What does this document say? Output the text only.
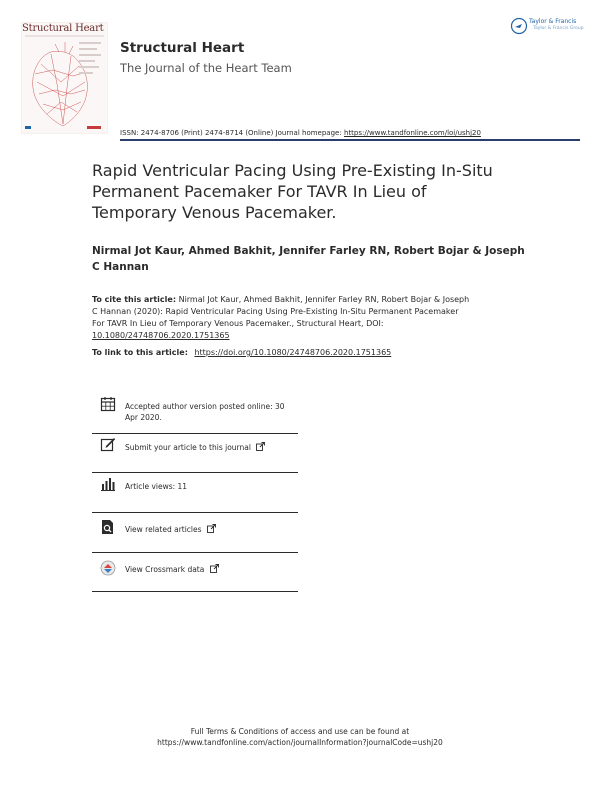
Structural Heart
Structural Heart
The Journal of the Heart Team
Taylor & Francis
Taylor & Francis Group
ISSN: 2474-8706 (Print) 2474-8714 (Online) Journal homepage: https://www.tandfonline.com/loi/ushj20
Rapid Ventricular Pacing Using Pre-Existing In-Situ Permanent Pacemaker For TAVR In Lieu of Temporary Venous Pacemaker.
Nirmal Jot Kaur, Ahmed Bakhit, Jennifer Farley RN, Robert Bojar & Joseph C Hannan
To cite this article: Nirmal Jot Kaur, Ahmed Bakhit, Jennifer Farley RN, Robert Bojar & Joseph C Hannan (2020): Rapid Ventricular Pacing Using Pre-Existing In-Situ Permanent Pacemaker For TAVR In Lieu of Temporary Venous Pacemaker., Structural Heart, DOI: 10.1080/24748706.2020.1751365
To link to this article: https://doi.org/10.1080/24748706.2020.1751365
Accepted author version posted online: 30 Apr 2020.
Submit your article to this journal
Article views: 11
View related articles
View Crossmark data
Full Terms & Conditions of access and use can be found at
https://www.tandfonline.com/action/journalInformation?journalCode=ushj20
